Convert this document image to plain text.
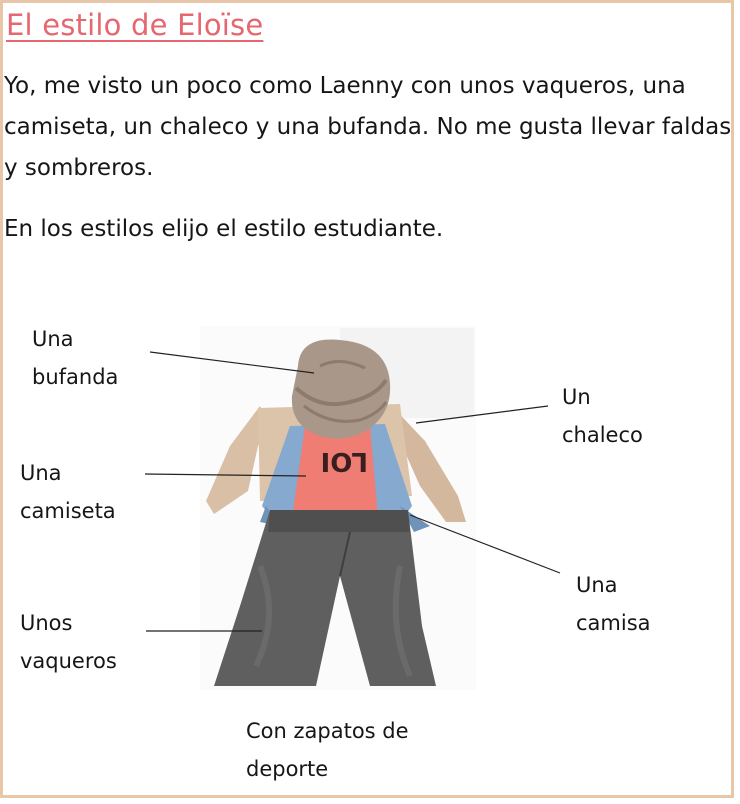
El estilo de Eloïse

Yo, me visto un poco como Laenny con unos vaqueros, una camiseta, un chaleco y una bufanda. No me gusta llevar faldas y sombreros.

En los estilos elijo el estilo estudiante.

LOI
Una
bufanda
Un
chaleco
Una
camiseta
Una
camisa
Unos
vaqueros
Con zapatos de
deporte
